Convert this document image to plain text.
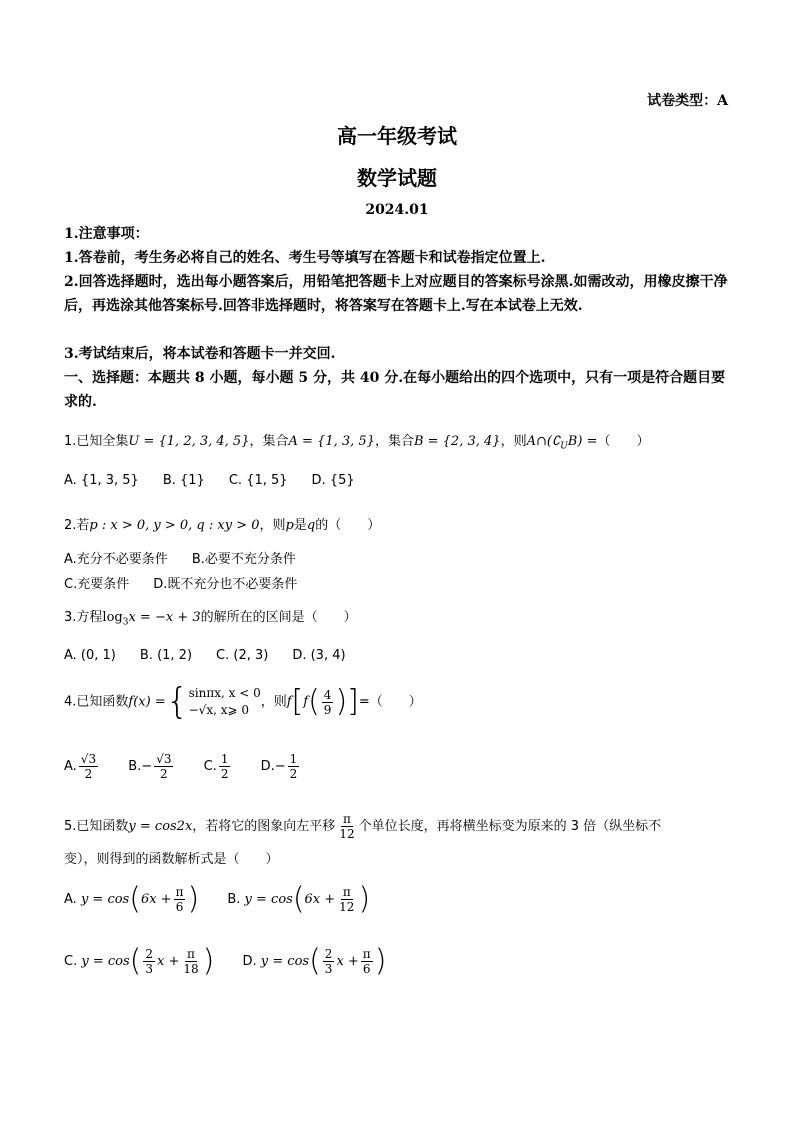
试卷类型：A
高一年级考试
数学试题
2024.01
1.注意事项：
1.答卷前，考生务必将自己的姓名、考生号等填写在答题卡和试卷指定位置上.
2.回答选择题时，选出每小题答案后，用铅笔把答题卡上对应题目的答案标号涂黑.如需改动，用橡皮擦干净后，再选涂其他答案标号.回答非选择题时，将答案写在答题卡上.写在本试卷上无效.
3.考试结束后，将本试卷和答题卡一并交回.
一、选择题：本题共 8 小题，每小题 5 分，共 40 分.在每小题给出的四个选项中，只有一项是符合题目要求的.
1.已知全集U = {1, 2, 3, 4, 5}，集合A = {1, 3, 5}，集合B = {2, 3, 4}，则$A\cap(∁_UB)$ =（　　）
A. {1, 3, 5} B. {1} C. {1, 5} D. {5}
2.若p : x > 0, y > 0, q : xy > 0，则p是q的（　　）
A.充分不必要条件 B.必要不充分条件
C.充要条件 D.既不充分也不必要条件
3.方程$\log_3x = -x + 3$的解所在的区间是（　　）
A. (0, 1) B. (1, 2) C. (2, 3) D. (3, 4)
4.已知函数f(x) = { sinπx, x < 0
−√x, x⩾ 0
，则$f[f( \frac{4}{9}$ )]=（　　）
A. $\frac{√3}{2} B.- \frac{√3}{2} C$. $\frac{1}{2} D.- \frac{1}{2}$
5.已知函数y = cos2x，若将它的图象向左平移 $\frac{\pi}{12}$ 个单位长度，再将横坐标变为原来的 3 倍（纵坐标不
变），则得到的函数解析式是（　　）
A. $y = \cos(6x + \frac{\pi}{6}$ ) B. $y = \cos(6x + \frac{\pi}{12}$ )
C. $y = \cos( \frac{2}{3}$ $x + \frac{\pi}{18}$ ) D. $y = \cos( \frac{2}{3}$ $x + \frac{\pi}{6}$ )
